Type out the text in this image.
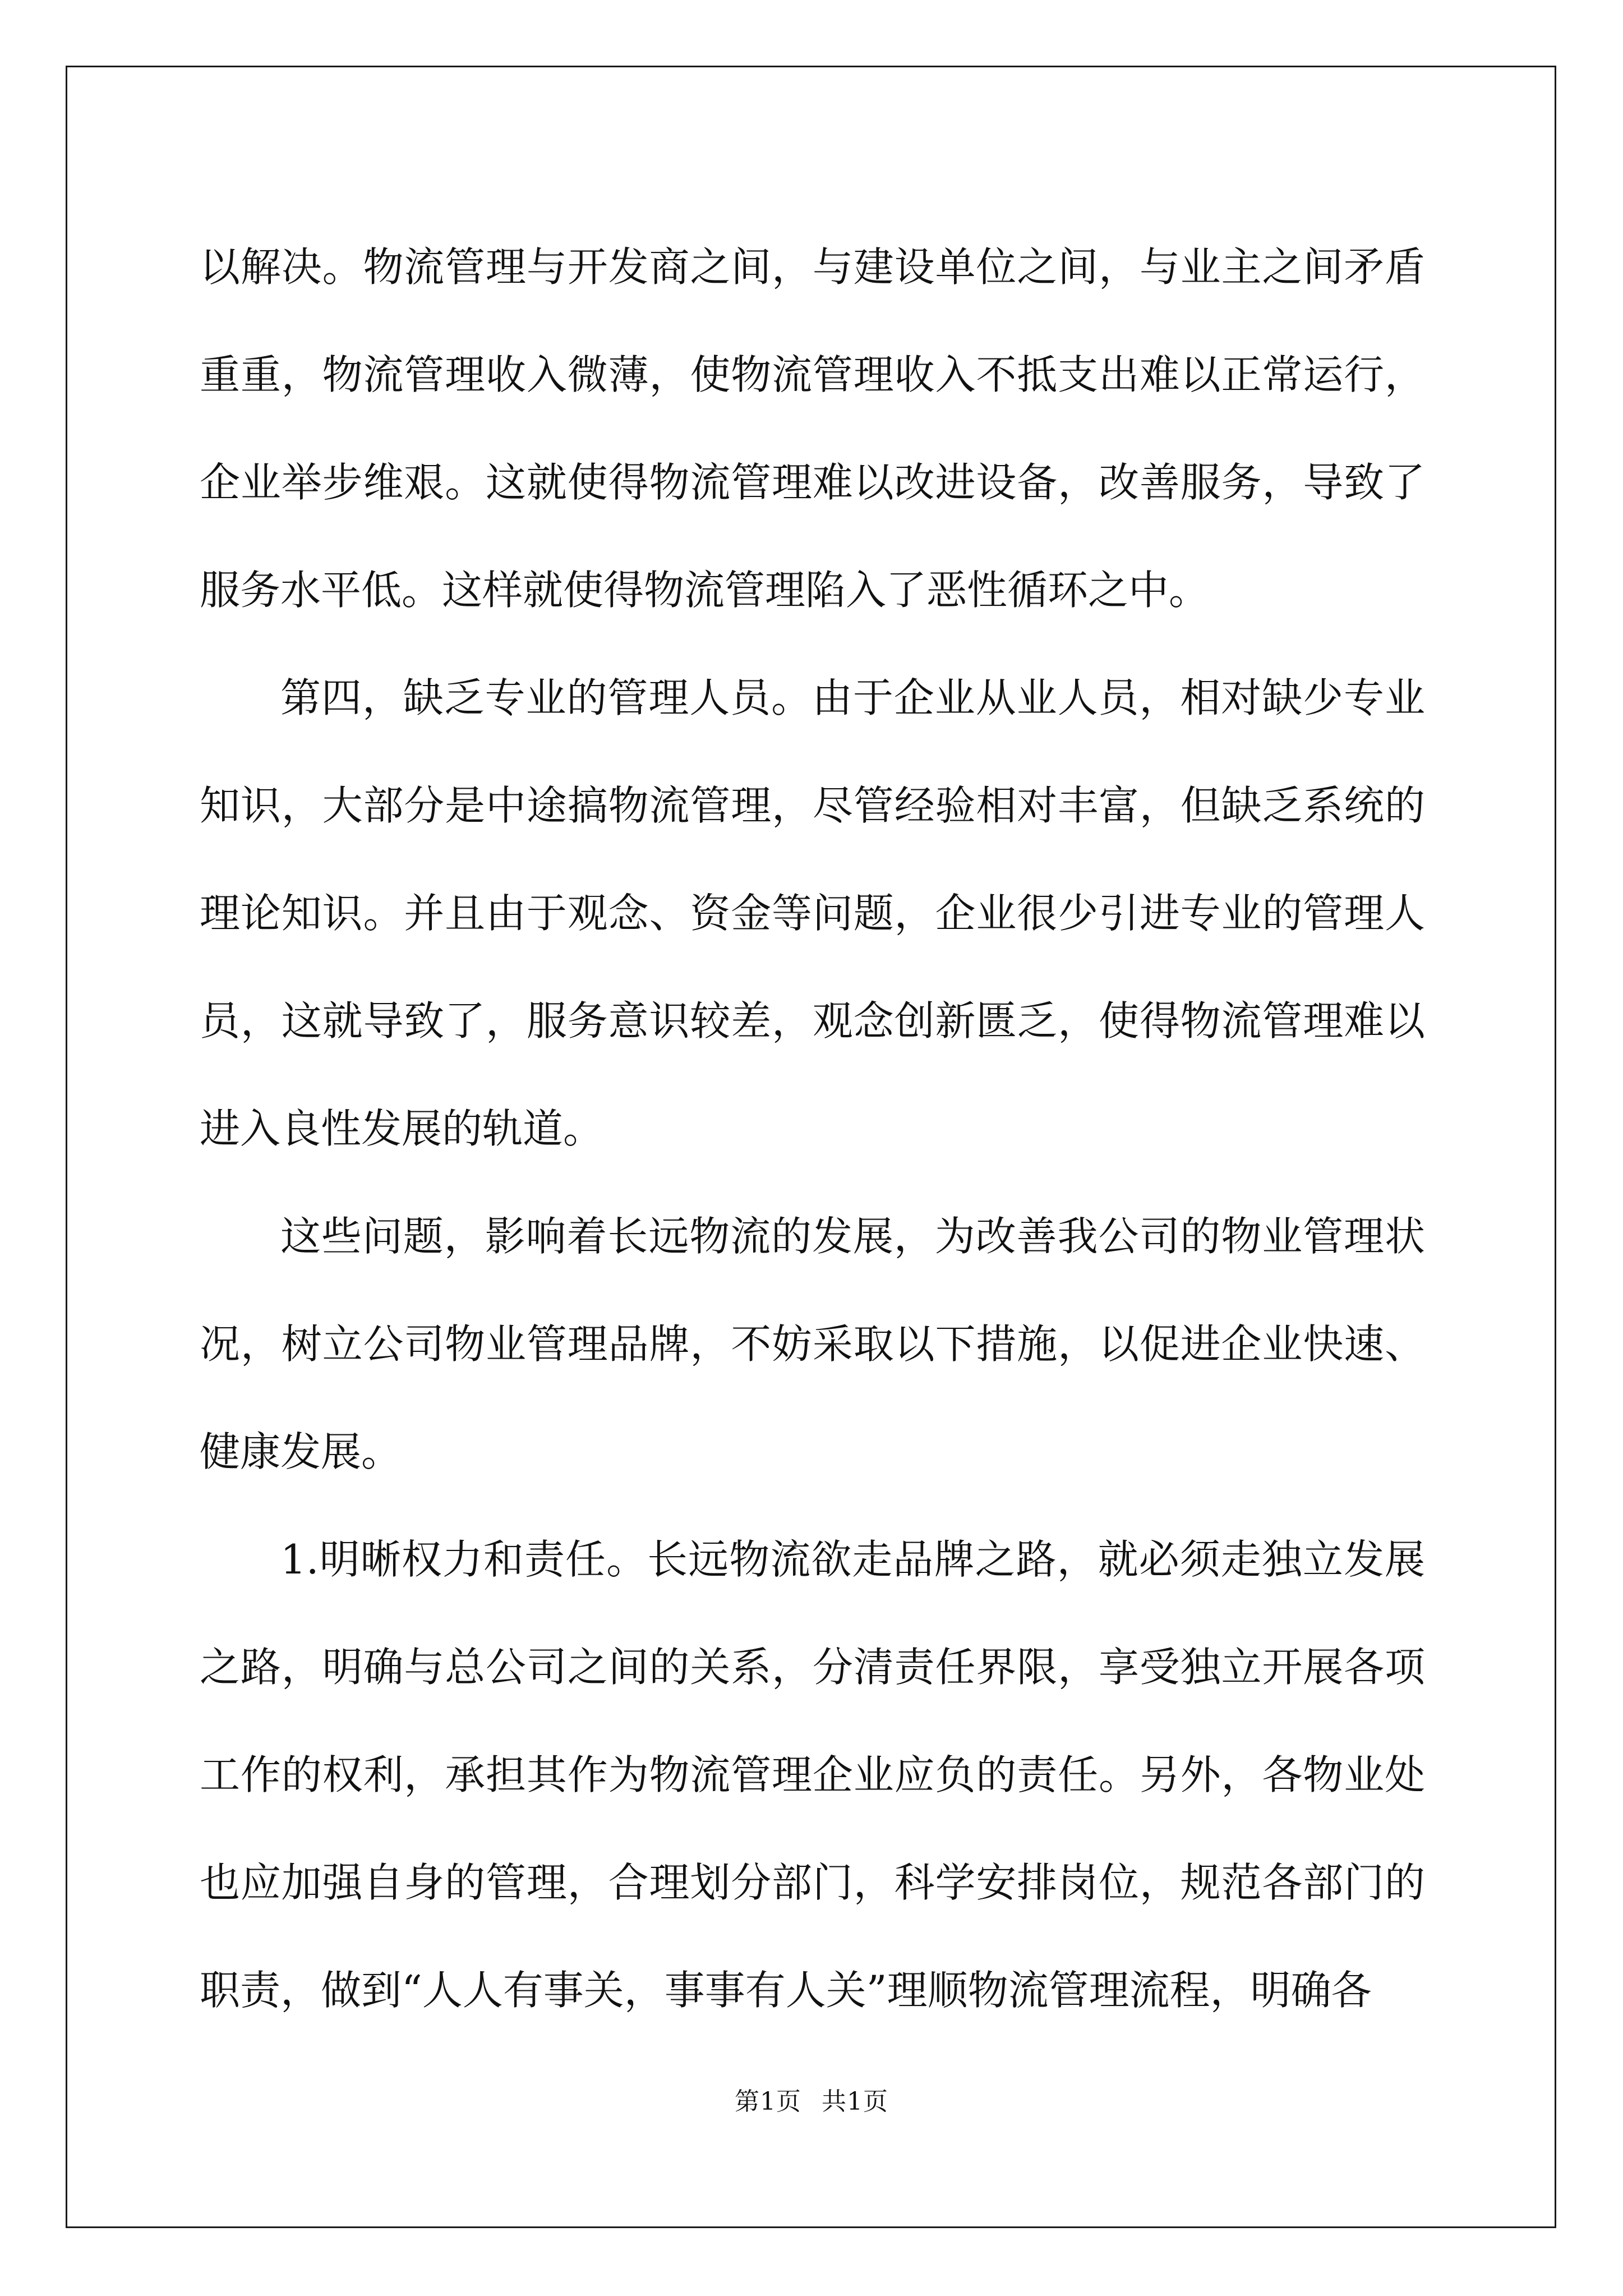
以解决。物流管理与开发商之间，与建设单位之间，与业主之间矛盾重重，物流管理收入微薄，使物流管理收入不抵支出难以正常运行，企业举步维艰。这就使得物流管理难以改进设备，改善服务，导致了服务水平低。这样就使得物流管理陷入了恶性循环之中。

第四，缺乏专业的管理人员。由于企业从业人员，相对缺少专业知识，大部分是中途搞物流管理，尽管经验相对丰富，但缺乏系统的理论知识。并且由于观念、资金等问题，企业很少引进专业的管理人员，这就导致了，服务意识较差，观念创新匮乏，使得物流管理难以进入良性发展的轨道。

这些问题，影响着长远物流的发展，为改善我公司的物业管理状况，树立公司物业管理品牌，不妨采取以下措施，以促进企业快速、健康发展。

1.明晰权力和责任。长远物流欲走品牌之路，就必须走独立发展之路，明确与总公司之间的关系，分清责任界限，享受独立开展各项工作的权利，承担其作为物流管理企业应负的责任。另外，各物业处也应加强自身的管理，合理划分部门，科学安排岗位，规范各部门的职责，做到“人人有事关，事事有人关”理顺物流管理流程，明确各

第1页 共1页
